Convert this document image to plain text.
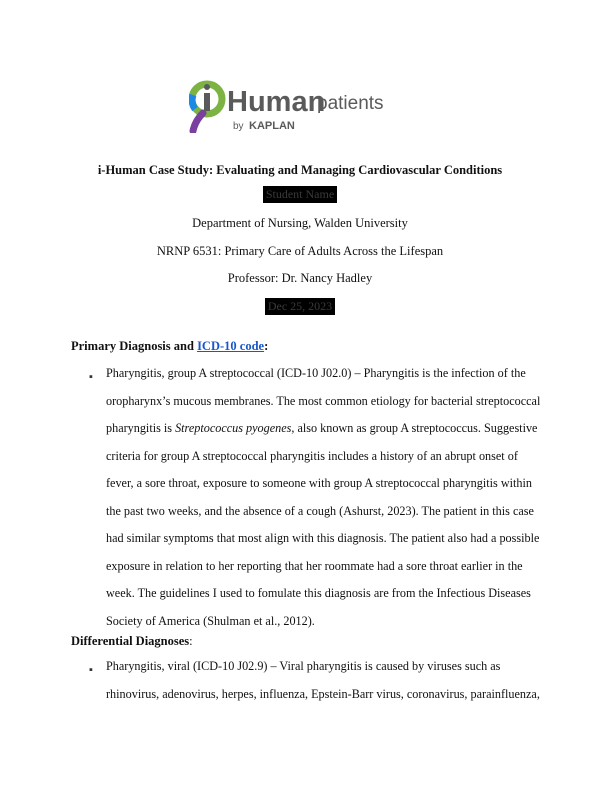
Human
patients
by KAPLAN
i-Human Case Study: Evaluating and Managing Cardiovascular Conditions
Student Name
Department of Nursing, Walden University
NRNP 6531: Primary Care of Adults Across the Lifespan
Professor: Dr. Nancy Hadley
Dec 25, 2023
Primary Diagnosis and ICD-10 code:
▪ Pharyngitis, group A streptococcal (ICD-10 J02.0) – Pharyngitis is the infection of the
oropharynx’s mucous membranes. The most common etiology for bacterial streptococcal
pharyngitis is Streptococcus pyogenes, also known as group A streptococcus. Suggestive
criteria for group A streptococcal pharyngitis includes a history of an abrupt onset of
fever, a sore throat, exposure to someone with group A streptococcal pharyngitis within
the past two weeks, and the absence of a cough (Ashurst, 2023). The patient in this case
had similar symptoms that most align with this diagnosis. The patient also had a possible
exposure in relation to her reporting that her roommate had a sore throat earlier in the
week. The guidelines I used to fomulate this diagnosis are from the Infectious Diseases
Society of America (Shulman et al., 2012).
Differential Diagnoses:
▪ Pharyngitis, viral (ICD-10 J02.9) – Viral pharyngitis is caused by viruses such as
rhinovirus, adenovirus, herpes, influenza, Epstein-Barr virus, coronavirus, parainfluenza,
